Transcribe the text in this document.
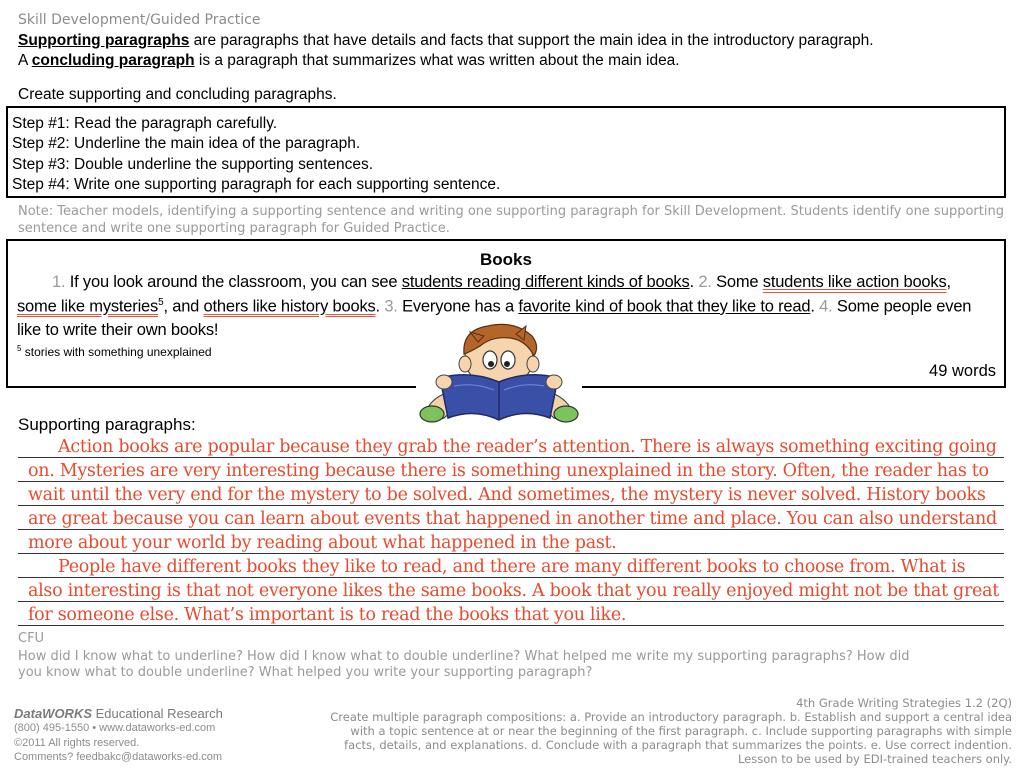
Skill Development/Guided Practice
Supporting paragraphs are paragraphs that have details and facts that support the main idea in the introductory paragraph.
A concluding paragraph is a paragraph that summarizes what was written about the main idea.
Create supporting and concluding paragraphs.
Step #1: Read the paragraph carefully.
Step #2: Underline the main idea of the paragraph.
Step #3: Double underline the supporting sentences.
Step #4: Write one supporting paragraph for each supporting sentence.
Note: Teacher models, identifying a supporting sentence and writing one supporting paragraph for Skill Development. Students identify one supporting sentence and write one supporting paragraph for Guided Practice.
Books
1. If you look around the classroom, you can see students reading different kinds of books. 2. Some students like action books,
some like mysteries$^5$, and others like history books. 3. Everyone has a favorite kind of book that they like to read. 4. Some people even
like to write their own books!
$^5$ stories with something unexplained
49 words
Supporting paragraphs:
Action books are popular because they grab the reader’s attention. There is always something exciting going
on. Mysteries are very interesting because there is something unexplained in the story. Often, the reader has to
wait until the very end for the mystery to be solved. And sometimes, the mystery is never solved. History books
are great because you can learn about events that happened in another time and place. You can also understand
more about your world by reading about what happened in the past.
People have different books they like to read, and there are many different books to choose from. What is
also interesting is that not everyone likes the same books. A book that you really enjoyed might not be that great
for someone else. What’s important is to read the books that you like.
CFU
How did I know what to underline? How did I know what to double underline? What helped me write my supporting paragraphs? How did
you know what to double underline? What helped you write your supporting paragraph?
DataWORKS Educational Research
(800) 495-1550 • www.dataworks-ed.com
©2011 All rights reserved.
Comments? feedbakc@dataworks-ed.com
4th Grade Writing Strategies 1.2 (2Q)
Create multiple paragraph compositions: a. Provide an introductory paragraph. b. Establish and support a central idea
with a topic sentence at or near the beginning of the first paragraph. c. Include supporting paragraphs with simple
facts, details, and explanations. d. Conclude with a paragraph that summarizes the points. e. Use correct indention.
Lesson to be used by EDI-trained teachers only.
